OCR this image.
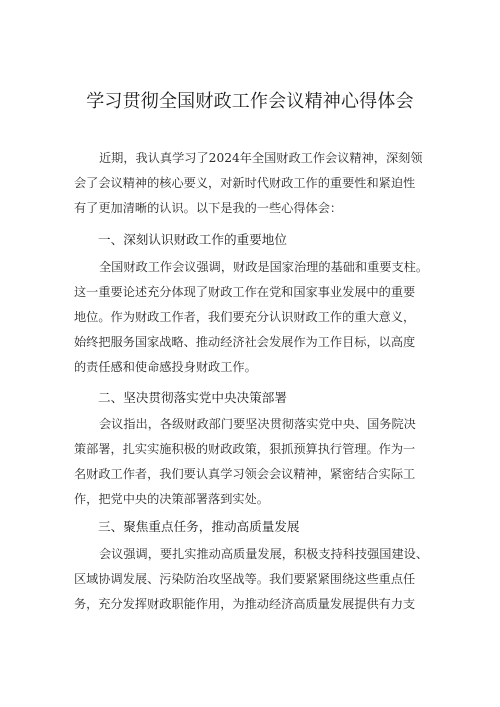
学习贯彻全国财政工作会议精神心得体会
近期，我认真学习了2024年全国财政工作会议精神，深刻领
会了会议精神的核心要义，对新时代财政工作的重要性和紧迫性
有了更加清晰的认识。以下是我的一些心得体会：
一、深刻认识财政工作的重要地位
全国财政工作会议强调，财政是国家治理的基础和重要支柱。
这一重要论述充分体现了财政工作在党和国家事业发展中的重要
地位。作为财政工作者，我们要充分认识财政工作的重大意义，
始终把服务国家战略、推动经济社会发展作为工作目标，以高度
的责任感和使命感投身财政工作。
二、坚决贯彻落实党中央决策部署
会议指出，各级财政部门要坚决贯彻落实党中央、国务院决
策部署，扎实实施积极的财政政策，狠抓预算执行管理。作为一
名财政工作者，我们要认真学习领会会议精神，紧密结合实际工
作，把党中央的决策部署落到实处。
三、聚焦重点任务，推动高质量发展
会议强调，要扎实推动高质量发展，积极支持科技强国建设、
区域协调发展、污染防治攻坚战等。我们要紧紧围绕这些重点任
务，充分发挥财政职能作用，为推动经济高质量发展提供有力支
